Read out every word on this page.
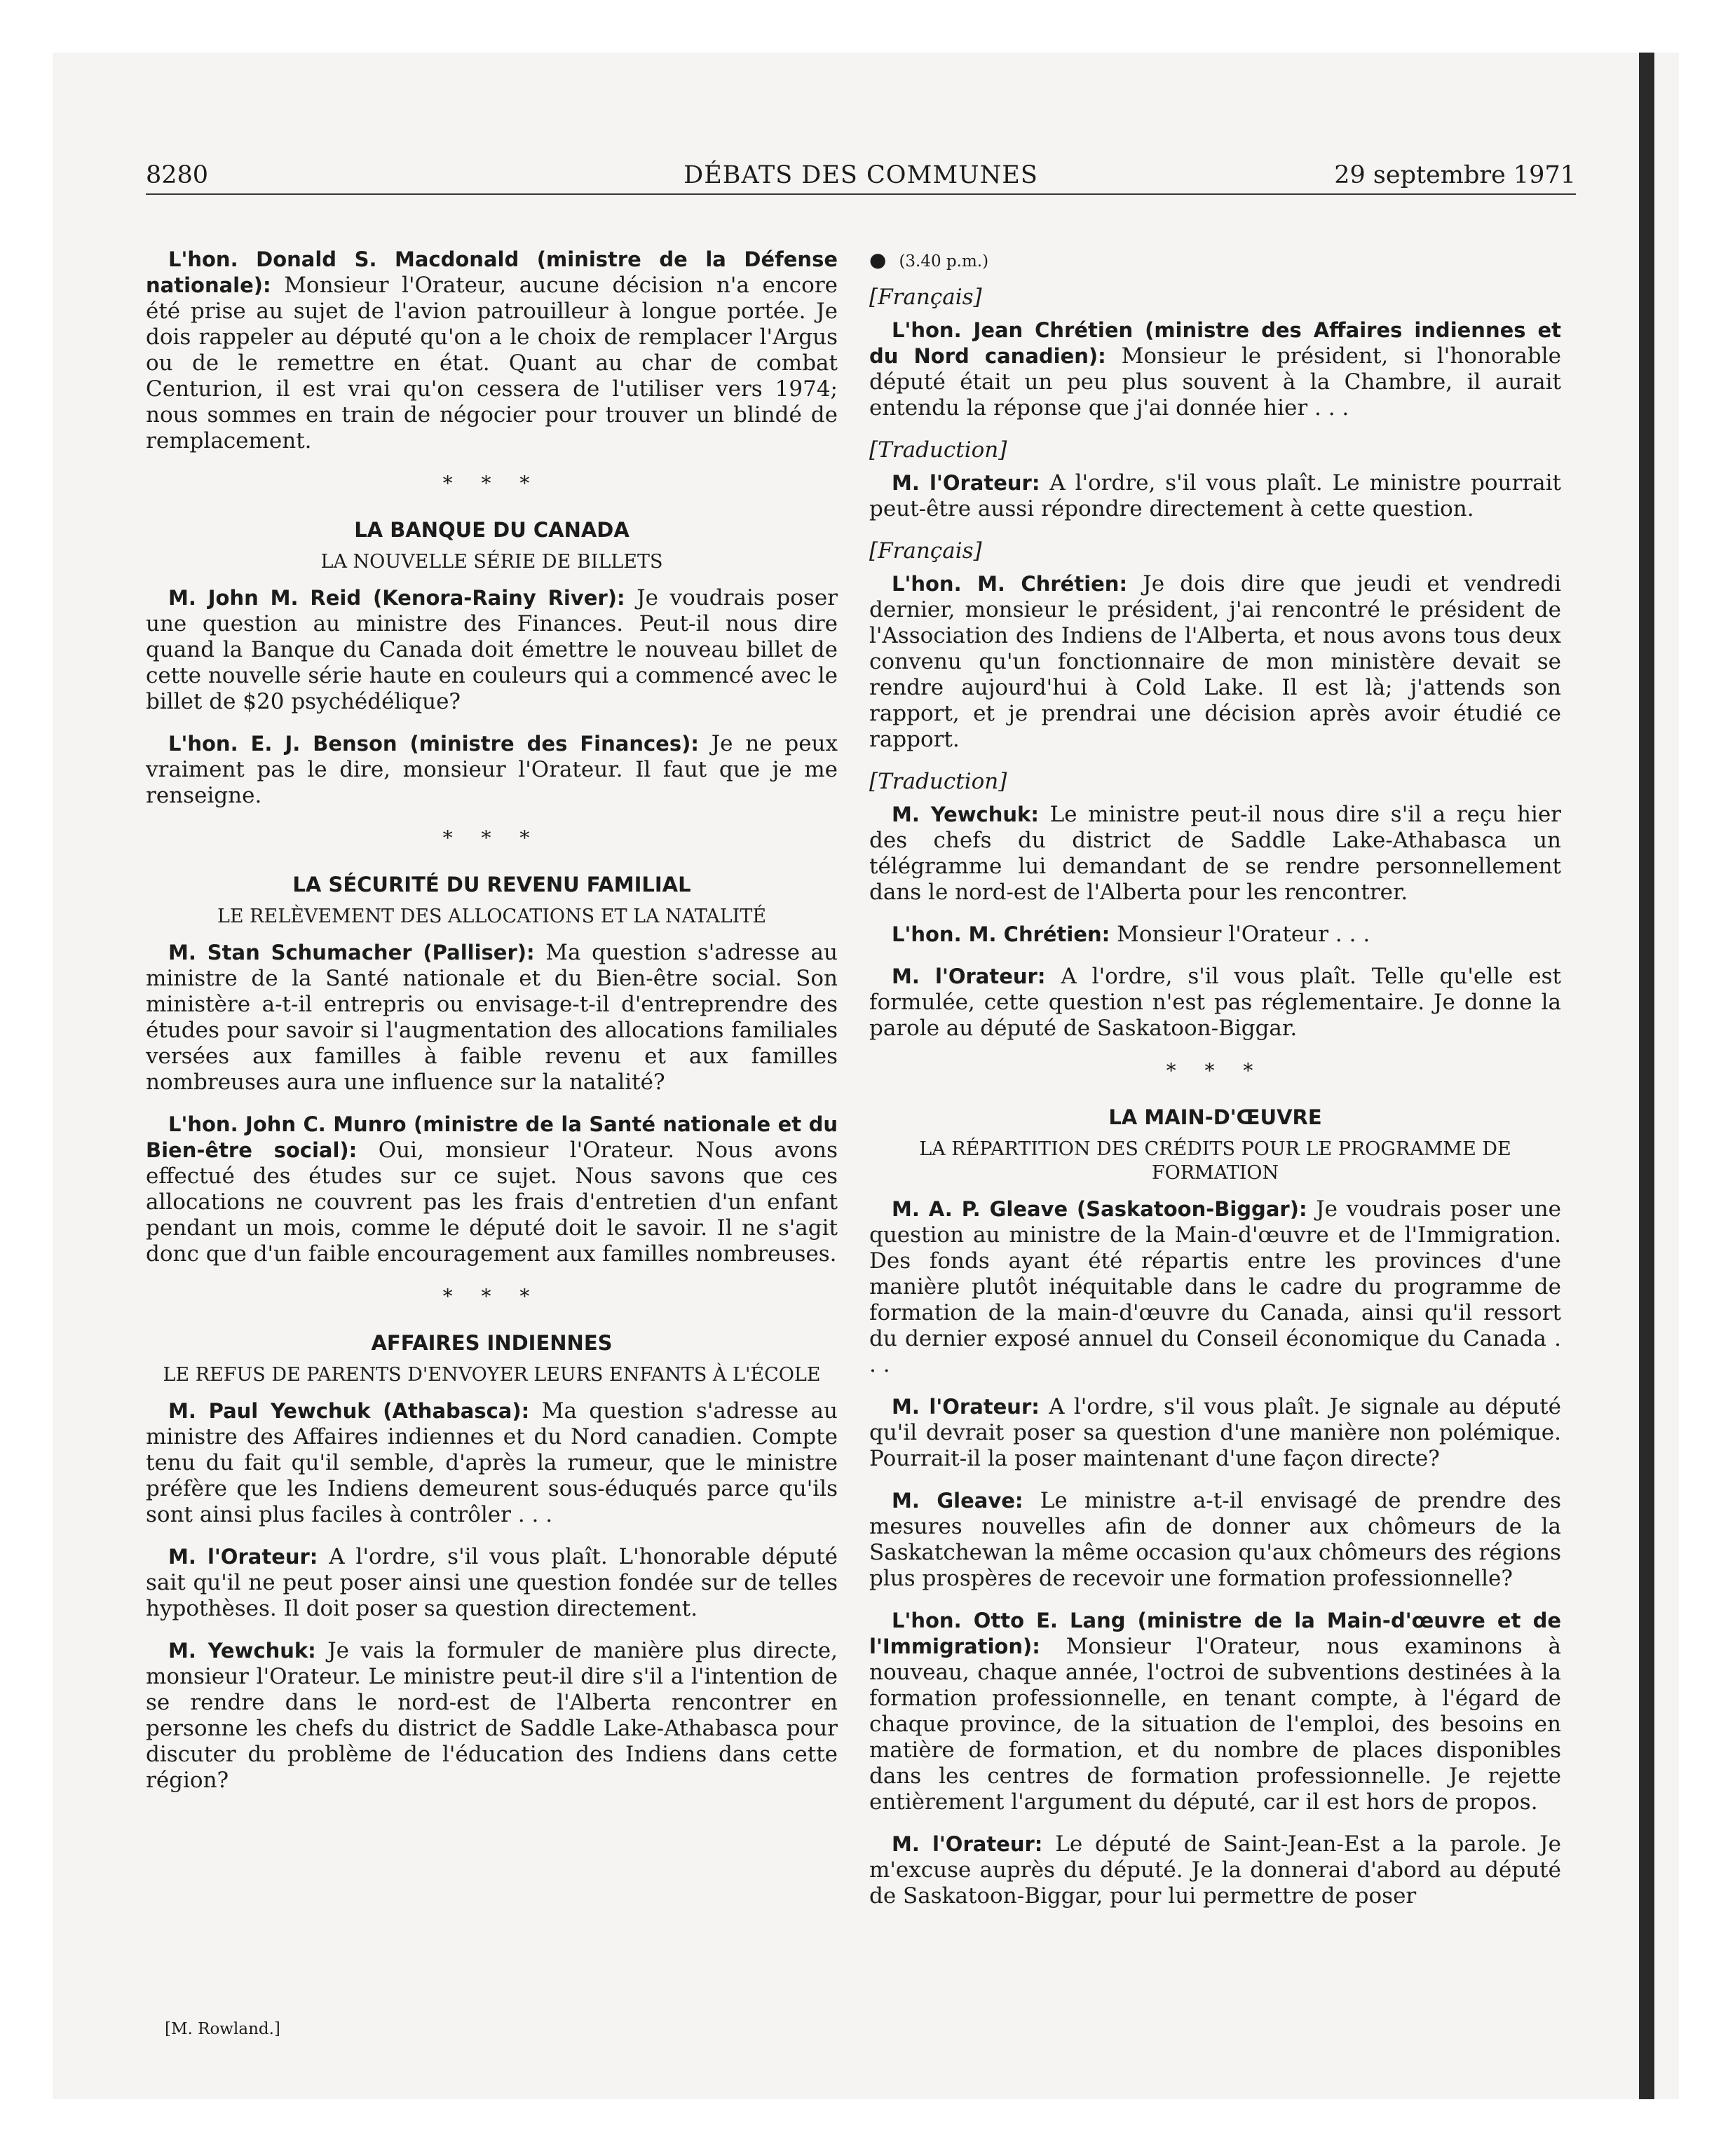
8280	DÉBATS DES COMMUNES	29 septembre 1971

L'hon. Donald S. Macdonald (ministre de la Défense nationale): Monsieur l'Orateur, aucune décision n'a encore été prise au sujet de l'avion patrouilleur à longue portée. Je dois rappeler au député qu'on a le choix de remplacer l'Argus ou de le remettre en état. Quant au char de combat Centurion, il est vrai qu'on cessera de l'utiliser vers 1974; nous sommes en train de négocier pour trouver un blindé de remplacement.

* * *
LA BANQUE DU CANADA
LA NOUVELLE SÉRIE DE BILLETS

M. John M. Reid (Kenora-Rainy River): Je voudrais poser une question au ministre des Finances. Peut-il nous dire quand la Banque du Canada doit émettre le nouveau billet de cette nouvelle série haute en couleurs qui a commencé avec le billet de $20 psychédélique?

L'hon. E. J. Benson (ministre des Finances): Je ne peux vraiment pas le dire, monsieur l'Orateur. Il faut que je me renseigne.

* * *
LA SÉCURITÉ DU REVENU FAMILIAL
LE RELÈVEMENT DES ALLOCATIONS ET LA NATALITÉ

M. Stan Schumacher (Palliser): Ma question s'adresse au ministre de la Santé nationale et du Bien-être social. Son ministère a-t-il entrepris ou envisage-t-il d'entreprendre des études pour savoir si l'augmentation des allocations familiales versées aux familles à faible revenu et aux familles nombreuses aura une influence sur la natalité?

L'hon. John C. Munro (ministre de la Santé nationale et du Bien-être social): Oui, monsieur l'Orateur. Nous avons effectué des études sur ce sujet. Nous savons que ces allocations ne couvrent pas les frais d'entretien d'un enfant pendant un mois, comme le député doit le savoir. Il ne s'agit donc que d'un faible encouragement aux familles nombreuses.

* * *
AFFAIRES INDIENNES
LE REFUS DE PARENTS D'ENVOYER LEURS ENFANTS À L'ÉCOLE

M. Paul Yewchuk (Athabasca): Ma question s'adresse au ministre des Affaires indiennes et du Nord canadien. Compte tenu du fait qu'il semble, d'après la rumeur, que le ministre préfère que les Indiens demeurent sous-éduqués parce qu'ils sont ainsi plus faciles à contrôler . . .

M. l'Orateur: A l'ordre, s'il vous plaît. L'honorable député sait qu'il ne peut poser ainsi une question fondée sur de telles hypothèses. Il doit poser sa question directement.

M. Yewchuk: Je vais la formuler de manière plus directe, monsieur l'Orateur. Le ministre peut-il dire s'il a l'intention de se rendre dans le nord-est de l'Alberta rencontrer en personne les chefs du district de Saddle Lake-Athabasca pour discuter du problème de l'éducation des Indiens dans cette région?

● (3.40 p.m.)
[Français]

L'hon. Jean Chrétien (ministre des Affaires indiennes et du Nord canadien): Monsieur le président, si l'honorable député était un peu plus souvent à la Chambre, il aurait entendu la réponse que j'ai donnée hier . . .

[Traduction]

M. l'Orateur: A l'ordre, s'il vous plaît. Le ministre pourrait peut-être aussi répondre directement à cette question.

[Français]

L'hon. M. Chrétien: Je dois dire que jeudi et vendredi dernier, monsieur le président, j'ai rencontré le président de l'Association des Indiens de l'Alberta, et nous avons tous deux convenu qu'un fonctionnaire de mon ministère devait se rendre aujourd'hui à Cold Lake. Il est là; j'attends son rapport, et je prendrai une décision après avoir étudié ce rapport.

[Traduction]

M. Yewchuk: Le ministre peut-il nous dire s'il a reçu hier des chefs du district de Saddle Lake-Athabasca un télégramme lui demandant de se rendre personnellement dans le nord-est de l'Alberta pour les rencontrer.

L'hon. M. Chrétien: Monsieur l'Orateur . . .

M. l'Orateur: A l'ordre, s'il vous plaît. Telle qu'elle est formulée, cette question n'est pas réglementaire. Je donne la parole au député de Saskatoon-Biggar.

* * *
LA MAIN-D'ŒUVRE
LA RÉPARTITION DES CRÉDITS POUR LE PROGRAMME DE FORMATION

M. A. P. Gleave (Saskatoon-Biggar): Je voudrais poser une question au ministre de la Main-d'œuvre et de l'Immigration. Des fonds ayant été répartis entre les provinces d'une manière plutôt inéquitable dans le cadre du programme de formation de la main-d'œuvre du Canada, ainsi qu'il ressort du dernier exposé annuel du Conseil économique du Canada . . .

M. l'Orateur: A l'ordre, s'il vous plaît. Je signale au député qu'il devrait poser sa question d'une manière non polémique. Pourrait-il la poser maintenant d'une façon directe?

M. Gleave: Le ministre a-t-il envisagé de prendre des mesures nouvelles afin de donner aux chômeurs de la Saskatchewan la même occasion qu'aux chômeurs des régions plus prospères de recevoir une formation professionnelle?

L'hon. Otto E. Lang (ministre de la Main-d'œuvre et de l'Immigration): Monsieur l'Orateur, nous examinons à nouveau, chaque année, l'octroi de subventions destinées à la formation professionnelle, en tenant compte, à l'égard de chaque province, de la situation de l'emploi, des besoins en matière de formation, et du nombre de places disponibles dans les centres de formation professionnelle. Je rejette entièrement l'argument du député, car il est hors de propos.

M. l'Orateur: Le député de Saint-Jean-Est a la parole. Je m'excuse auprès du député. Je la donnerai d'abord au député de Saskatoon-Biggar, pour lui permettre de poser

[M. Rowland.]
